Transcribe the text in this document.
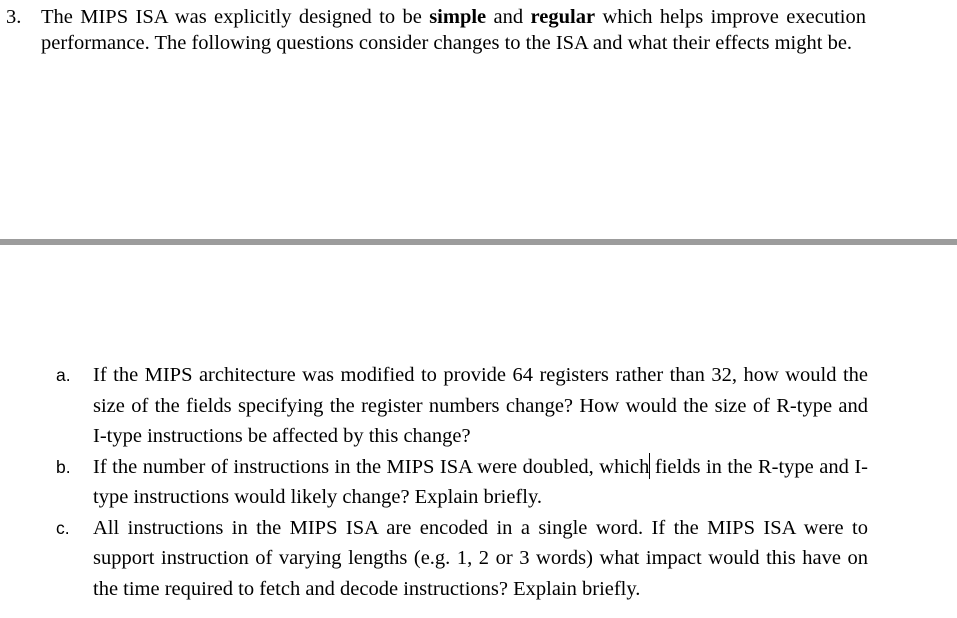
3. The MIPS ISA was explicitly designed to be simple and regular which helps improve execution performance. The following questions consider changes to the ISA and what their effects might be.
a. If the MIPS architecture was modified to provide 64 registers rather than 32, how would the size of the fields specifying the register numbers change? How would the size of R-type and I-type instructions be affected by this change?
b. If the number of instructions in the MIPS ISA were doubled, which fields in the R-type and I-type instructions would likely change? Explain briefly.
c. All instructions in the MIPS ISA are encoded in a single word. If the MIPS ISA were to support instruction of varying lengths (e.g. 1, 2 or 3 words) what impact would this have on the time required to fetch and decode instructions? Explain briefly.
